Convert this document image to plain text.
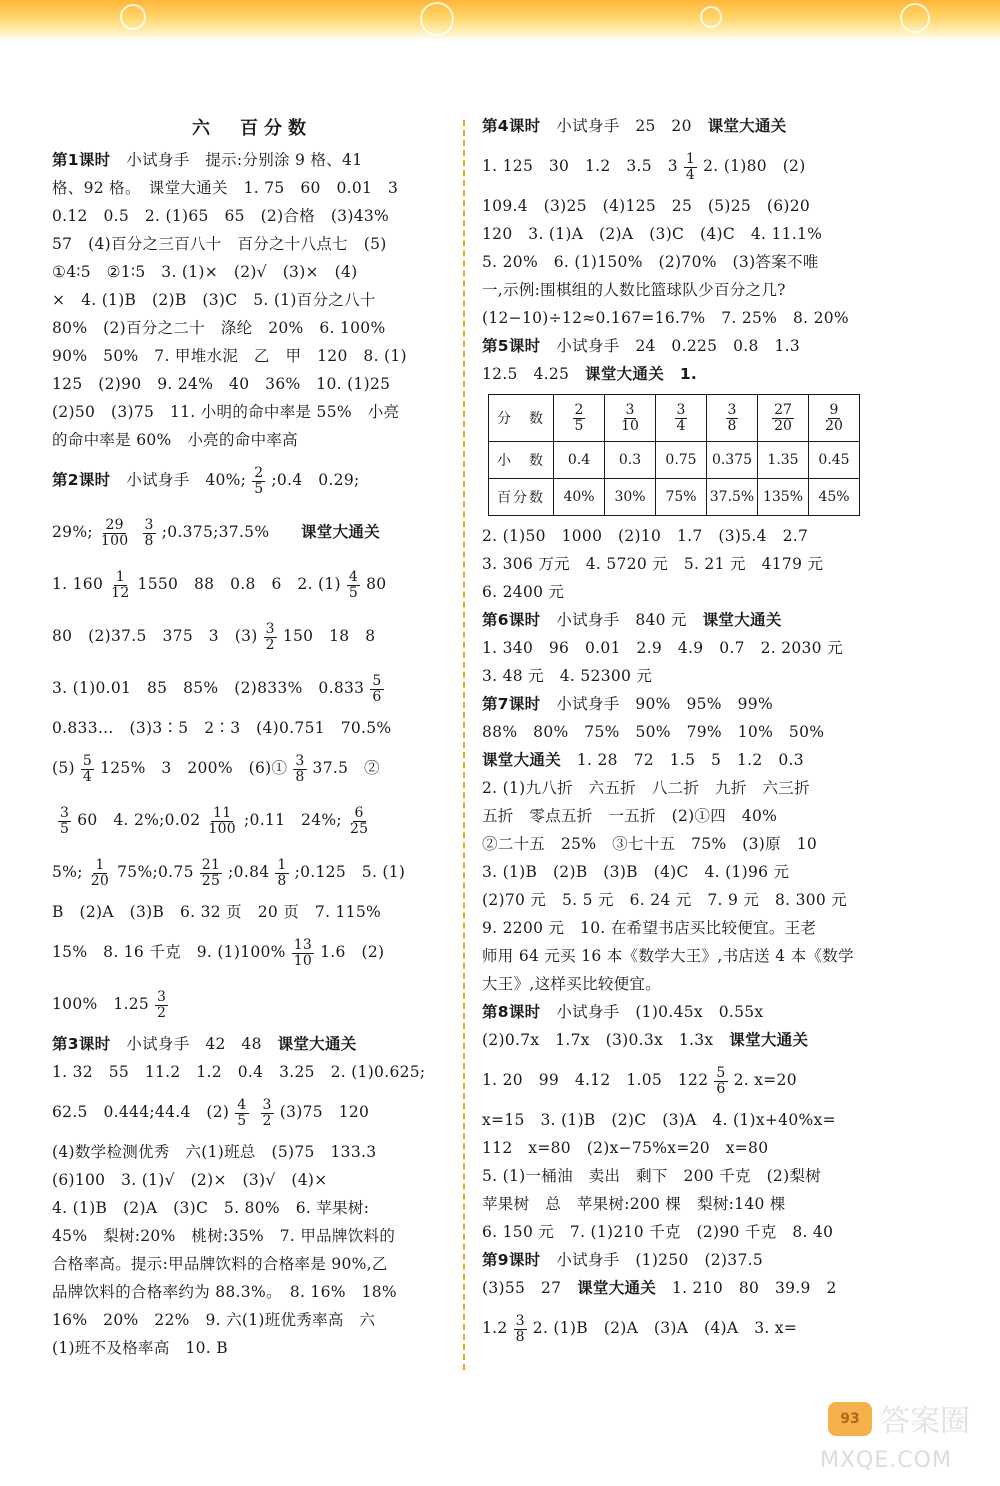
六　百分数
第1课时　 小试身手　提示:分别涂 9 格、41
格、92 格。　课堂大通关　1. 75　60　0.01　3
0.12　0.5　2. (1)65　65　(2)合格　(3)43%
57　(4)百分之三百八十　百分之十八点七　(5)
①4∶5　②1∶5　3. (1)×　(2)√　(3)×　(4)
×　4. (1)B　(2)B　(3)C　5. (1)百分之八十
80%　(2)百分之二十　涤纶　20%　6. 100%
90%　50%　7. 甲堆水泥　乙　甲　120　8. (1)
125　(2)90　9. 24%　40　36%　10. (1)25
(2)50　(3)75　11. 小明的命中率是 55%　小亮
的命中率是 60%　小亮的命中率高
第2课时　 小试身手　40%; $\frac{2}{5}$ ;0.4　0.29;
29%; $\frac{29}{100} \frac{3}{8}$ ;0.375;37.5%　　 课堂大通关
1. $160 \frac{1}{12} 1550$　88　0.8　6　2. $(1) \frac{4}{5} 80$
80　(2)37.5　375　3　$(3) \frac{3}{2} 150$　18　8
3. (1)0.01　85　85%　(2)833%　$0.833 \frac{5}{6}$
0.833…　(3)3∶5　2∶3　(4)0.751　70.5%
$(5) \frac{5}{4} 125\%$　3　200%　(6)① $\frac{3}{8} 37.5$　②
$\frac{3}{5} 60$　4. 2%;0.02 $\frac{11}{100}$ ;0.11　24%; $\frac{6}{25}$
5%; $\frac{1}{20}$ 75%;0.75 $\frac{21}{25}$ ;0.84 $\frac{1}{8}$ ;0.125　5. (1)
B　(2)A　(3)B　6. 32 页　20 页　7. 115%
15%　8. 16 千克　9. $(1)100\% \frac{13}{10} 1.6$　(2)
100%　$1.25 \frac{3}{2}$
第3课时　 小试身手　42　48　课堂大通关
1. 32　55　11.2　1.2　0.4　3.25　2. (1)0.625;
62.5　0.444;44.4　$(2) \frac{4}{5} \frac{3}{2} (3)75$　120
(4)数学检测优秀　六(1)班总　(5)75　133.3
(6)100　3. (1)√　(2)×　(3)√　(4)×
4. (1)B　(2)A　(3)C　5. 80%　6. 苹果树:
45%　梨树:20%　桃树:35%　7. 甲品牌饮料的
合格率高。提示:甲品牌饮料的合格率是 90%,乙
品牌饮料的合格率约为 88.3%。　8. 16%　18%
16%　20%　22%　9. 六(1)班优秀率高　六
(1)班不及格率高　10. B
第4课时　 小试身手　25　20　课堂大通关
1. 125　30　1.2　3.5　$3 \frac{1}{4} 2$. (1)80　(2)
109.4　(3)25　(4)125　25　(5)25　(6)20
120　3. (1)A　(2)A　(3)C　(4)C　4. 11.1%
5. 20%　6. (1)150%　(2)70%　(3)答案不唯
一,示例:围棋组的人数比篮球队少百分之几?
(12−10)÷12≈0.167=16.7%　7. 25%　8. 20%
第5课时　 小试身手　24　0.225　0.8　1.3
12.5　4.25　课堂大通关　1.
分　数	$\frac{2}{5}$	$\frac{3}{10}$	$\frac{3}{4}$	$\frac{3}{8}$	$\frac{27}{20}$	$\frac{9}{20}$

小　数	0.4	0.3	0.75	0.375	1.35	0.45
百分数	40%	30%	75%	37.5%	135%	45%
2. (1)50　1000　(2)10　1.7　(3)5.4　2.7
3. 306 万元　4. 5720 元　5. 21 元　4179 元
6. 2400 元
第6课时　 小试身手　840 元　课堂大通关
1. 340　96　0.01　2.9　4.9　0.7　2. 2030 元
3. 48 元　4. 52300 元
第7课时　 小试身手　90%　95%　99%
88%　80%　75%　50%　79%　10%　50%
课堂大通关　 1. 28　72　1.5　5　1.2　0.3
2. (1)九八折　六五折　八二折　九折　六三折
五折　零点五折　一五折　(2)①四　40%
②二十五　25%　③七十五　75%　(3)原　10
3. (1)B　(2)B　(3)B　(4)C　4. (1)96 元
(2)70 元　5. 5 元　6. 24 元　7. 9 元　8. 300 元
9. 2200 元　10. 在希望书店买比较便宜。王老
师用 64 元买 16 本《数学大王》,书店送 4 本《数学
大王》,这样买比较便宜。
第8课时　 小试身手　(1)0.45x　0.55x
(2)0.7x　1.7x　(3)0.3x　1.3x　课堂大通关
1. 20　99　4.12　1.05　$122 \frac{5}{6} 2$. x=20
x=15　3. (1)B　(2)C　(3)A　4. (1)x+40%x=
112　x=80　(2)x−75%x=20　x=80
5. (1)一桶油　卖出　剩下　200 千克　(2)梨树
苹果树　总　苹果树:200 棵　梨树:140 棵
6. 150 元　7. (1)210 千克　(2)90 千克　8. 40
第9课时　 小试身手　(1)250　(2)37.5
(3)55　27　课堂大通关　 1. 210　80　39.9　2
$1.2 \frac{3}{8} 2$. (1)B　(2)A　(3)A　(4)A　3. x=
93 答案圈
MXQE.COM
